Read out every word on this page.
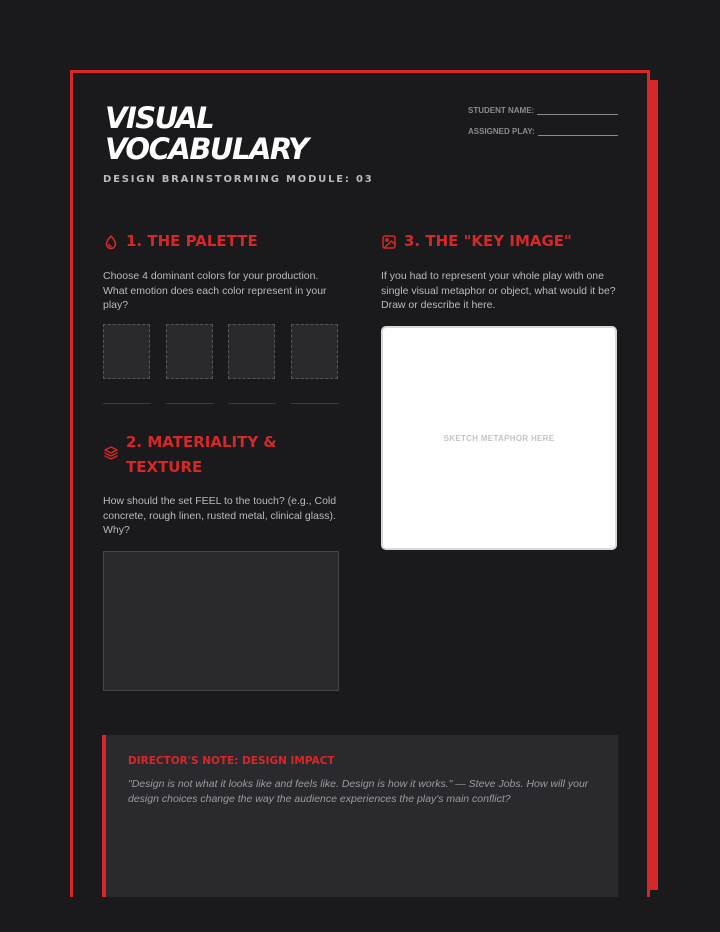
VISUAL
VOCABULARY
DESIGN BRAINSTORMING MODULE: 03
STUDENT NAME:
ASSIGNED PLAY:
1. THE PALETTE
Choose 4 dominant colors for your production. What emotion does each color represent in your play?
2. MATERIALITY &
TEXTURE
How should the set FEEL to the touch? (e.g., Cold concrete, rough linen, rusted metal, clinical glass). Why?
3. THE "KEY IMAGE"
If you had to represent your whole play with one single visual metaphor or object, what would it be? Draw or describe it here.
SKETCH METAPHOR HERE
DIRECTOR'S NOTE: DESIGN IMPACT
"Design is not what it looks like and feels like. Design is how it works." — Steve Jobs. How will your design choices change the way the audience experiences the play's main conflict?
